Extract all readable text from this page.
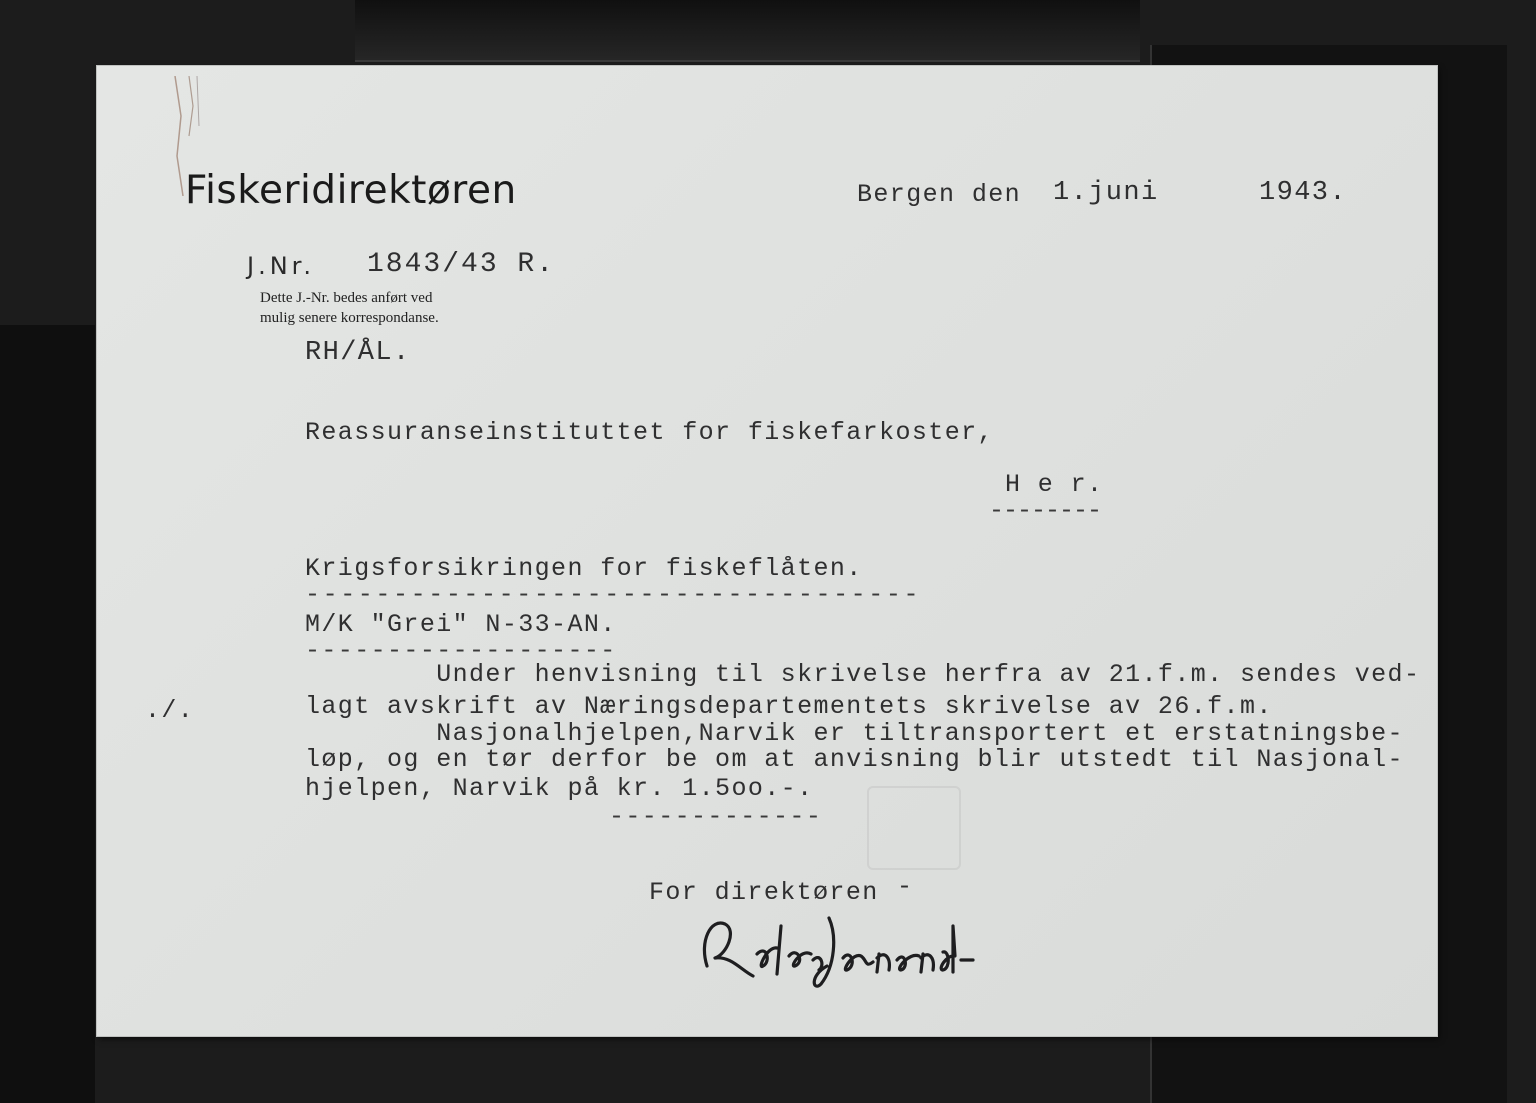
Fiskeridirektøren	Bergen den 1.juni	1943.
J.Nr. 1843/43 R.
Dette J.-Nr. bedes anført ved
mulig senere korrespondanse.
RH/ÅL.
Reassuranseinstituttet for fiskefarkoster,
H e r.
--------
Krigsforsikringen for fiskeflåten.
-----------------------------------
M/K "Grei" N-33-AN.
-------------------
./.
Under henvisning til skrivelse herfra av 21.f.m. sendes ved-
lagt avskrift av Næringsdepartementets skrivelse av 26.f.m.
Nasjonalhjelpen,Narvik er tiltransportert et erstatningsbe-
løp, og en tør derfor be om at anvisning blir utstedt til Nasjonal-
hjelpen, Narvik på kr. 1.5oo.-.
-------------
For direktøren -
